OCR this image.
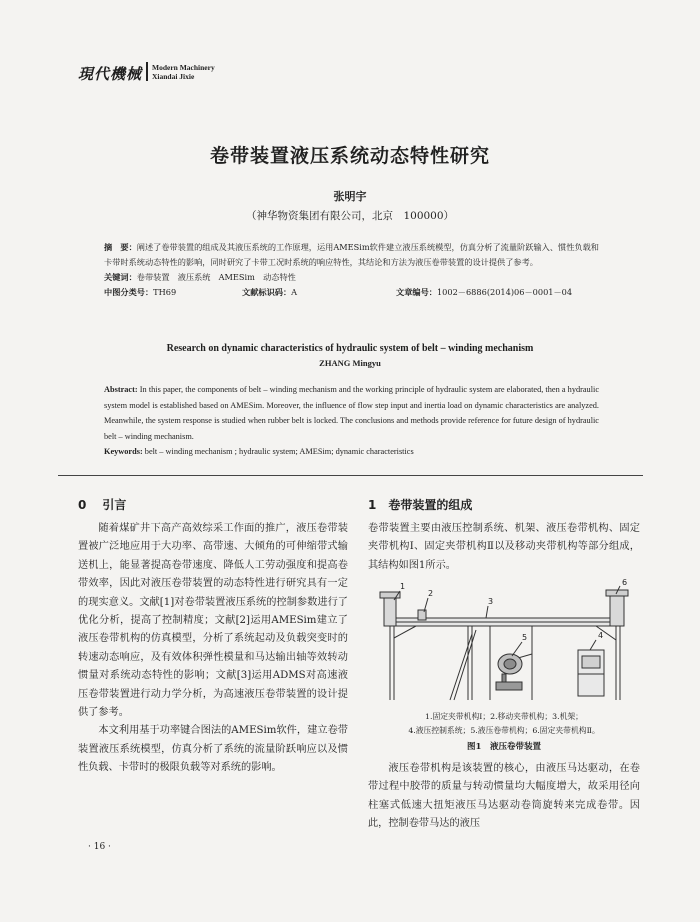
現代機械 Modern Machinery
Xiandai Jixie
卷带装置液压系统动态特性研究
张明宇
（神华物资集团有限公司，北京　100000）
摘　要：阐述了卷带装置的组成及其液压系统的工作原理，运用AMESim软件建立液压系统模型，仿真分析了流量阶跃输入、惯性负载和卡带时系统动态特性的影响，同时研究了卡带工况时系统的响应特性，其结论和方法为液压卷带装置的设计提供了参考。
关键词：卷带装置　液压系统　AMESim　动态特性
中图分类号：TH69	文献标识码：A	文章编号：1002－6886(2014)06－0001－04
Research on dynamic characteristics of hydraulic system of belt – winding mechanism
ZHANG Mingyu
Abstract: In this paper, the components of belt – winding mechanism and the working principle of hydraulic system are elaborated, then a hydraulic system model is established based on AMESim. Moreover, the influence of flow step input and inertia load on dynamic characteristics are analyzed. Meanwhile, the system response is studied when rubber belt is locked. The conclusions and methods provide reference for future design of hydraulic belt – winding mechanism.
Keywords: belt – winding mechanism ; hydraulic system; AMESim; dynamic characteristics
0 引言
随着煤矿井下高产高效综采工作面的推广，液压卷带装置被广泛地应用于大功率、高带速、大倾角的可伸缩带式输送机上，能显著提高卷带速度、降低人工劳动强度和提高卷带效率，因此对液压卷带装置的动态特性进行研究具有一定的现实意义。文献[1]对卷带装置液压系统的控制参数进行了优化分析，提高了控制精度；文献[2]运用AMESim建立了液压卷带机构的仿真模型，分析了系统起动及负载突变时的转速动态响应，及有效体积弹性模量和马达输出轴等效转动惯量对系统动态特性的影响；文献[3]运用ADMS对高速液压卷带装置进行动力学分析，为高速液压卷带装置的设计提供了参考。
本文利用基于功率键合图法的AMESim软件，建立卷带装置液压系统模型，仿真分析了系统的流量阶跃响应以及惯性负载、卡带时的极限负载等对系统的影响。
1 卷带装置的组成
卷带装置主要由液压控制系统、机架、液压卷带机构、固定夹带机构Ⅰ、固定夹带机构Ⅱ以及移动夹带机构等部分组成，其结构如图1所示。
1
2
3
4
5
6
1.固定夹带机构Ⅰ；2.移动夹带机构；3.机架；
4.液压控制系统；5.液压卷带机构；6.固定夹带机构Ⅱ。
图1　 液压卷带装置
液压卷带机构是该装置的核心，由液压马达驱动，在卷带过程中胶带的质量与转动惯量均大幅度增大，故采用径向柱塞式低速大扭矩液压马达驱动卷筒旋转来完成卷带。因此，控制卷带马达的液压
· 16 ·
